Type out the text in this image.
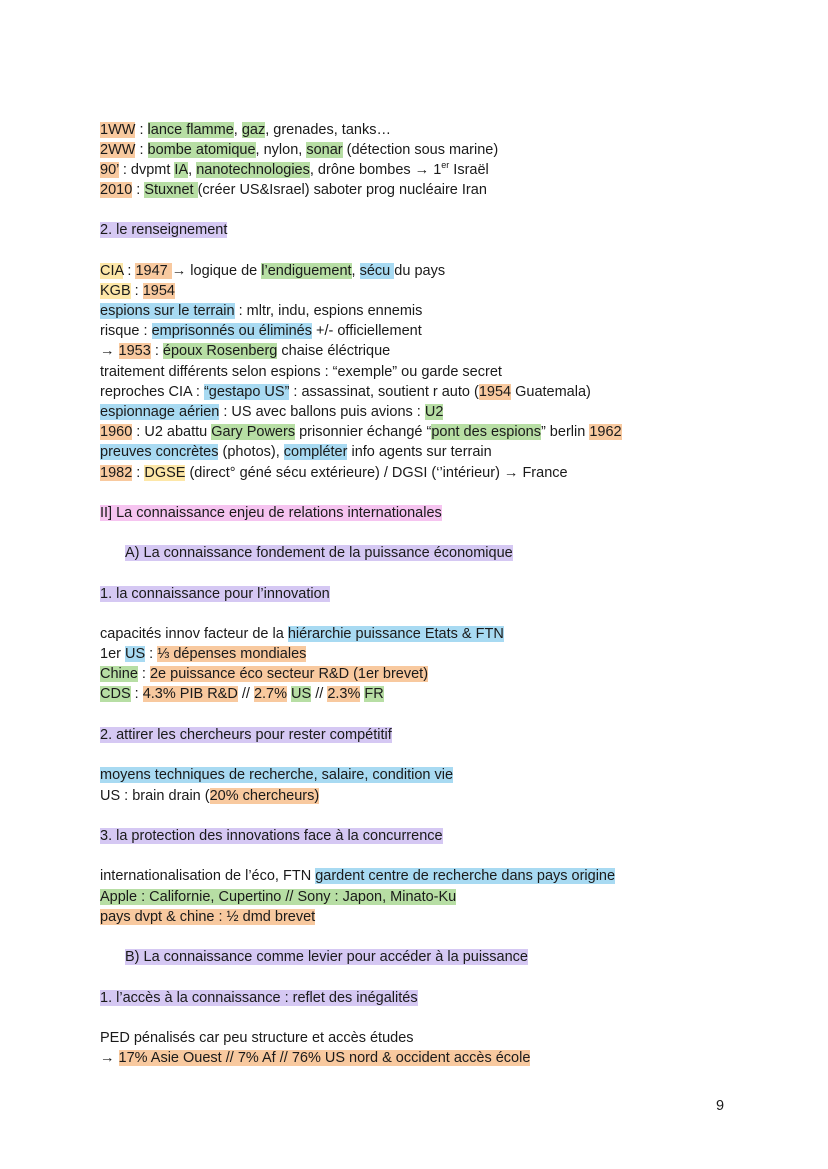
1WW : lance flamme, gaz, grenades, tanks…
2WW : bombe atomique, nylon, sonar (détection sous marine)
90’ : dvpmt IA, nanotechnologies, drône bombes → 1er Israël
2010 : Stuxnet (créer US&Israel) saboter prog nucléaire Iran
2. le renseignement
CIA : 1947 → logique de l’endiguement, sécu du pays
KGB : 1954
espions sur le terrain : mltr, indu, espions ennemis
risque : emprisonnés ou éliminés +/- officiellement
→ 1953 : époux Rosenberg chaise éléctrique
traitement différents selon espions : “exemple” ou garde secret
reproches CIA : “gestapo US” : assassinat, soutient r auto (1954 Guatemala)
espionnage aérien : US avec ballons puis avions : U2
1960 : U2 abattu Gary Powers prisonnier échangé “pont des espions” berlin 1962
preuves concrètes (photos), compléter info agents sur terrain
1982 : DGSE (direct° géné sécu extérieure) / DGSI (‘’intérieur) → France
II] La connaissance enjeu de relations internationales
A) La connaissance fondement de la puissance économique
1. la connaissance pour l’innovation
capacités innov facteur de la hiérarchie puissance Etats & FTN
1er US : ⅓ dépenses mondiales
Chine : 2e puissance éco secteur R&D (1er brevet)
CDS : 4.3% PIB R&D // 2.7% US // 2.3% FR
2. attirer les chercheurs pour rester compétitif
moyens techniques de recherche, salaire, condition vie
US : brain drain (20% chercheurs)
3. la protection des innovations face à la concurrence
internationalisation de l’éco, FTN gardent centre de recherche dans pays origine
Apple : Californie, Cupertino // Sony : Japon, Minato-Ku
pays dvpt & chine : ½ dmd brevet
B) La connaissance comme levier pour accéder à la puissance
1. l’accès à la connaissance : reflet des inégalités
PED pénalisés car peu structure et accès études
→ 17% Asie Ouest // 7% Af // 76% US nord & occident accès école
9
